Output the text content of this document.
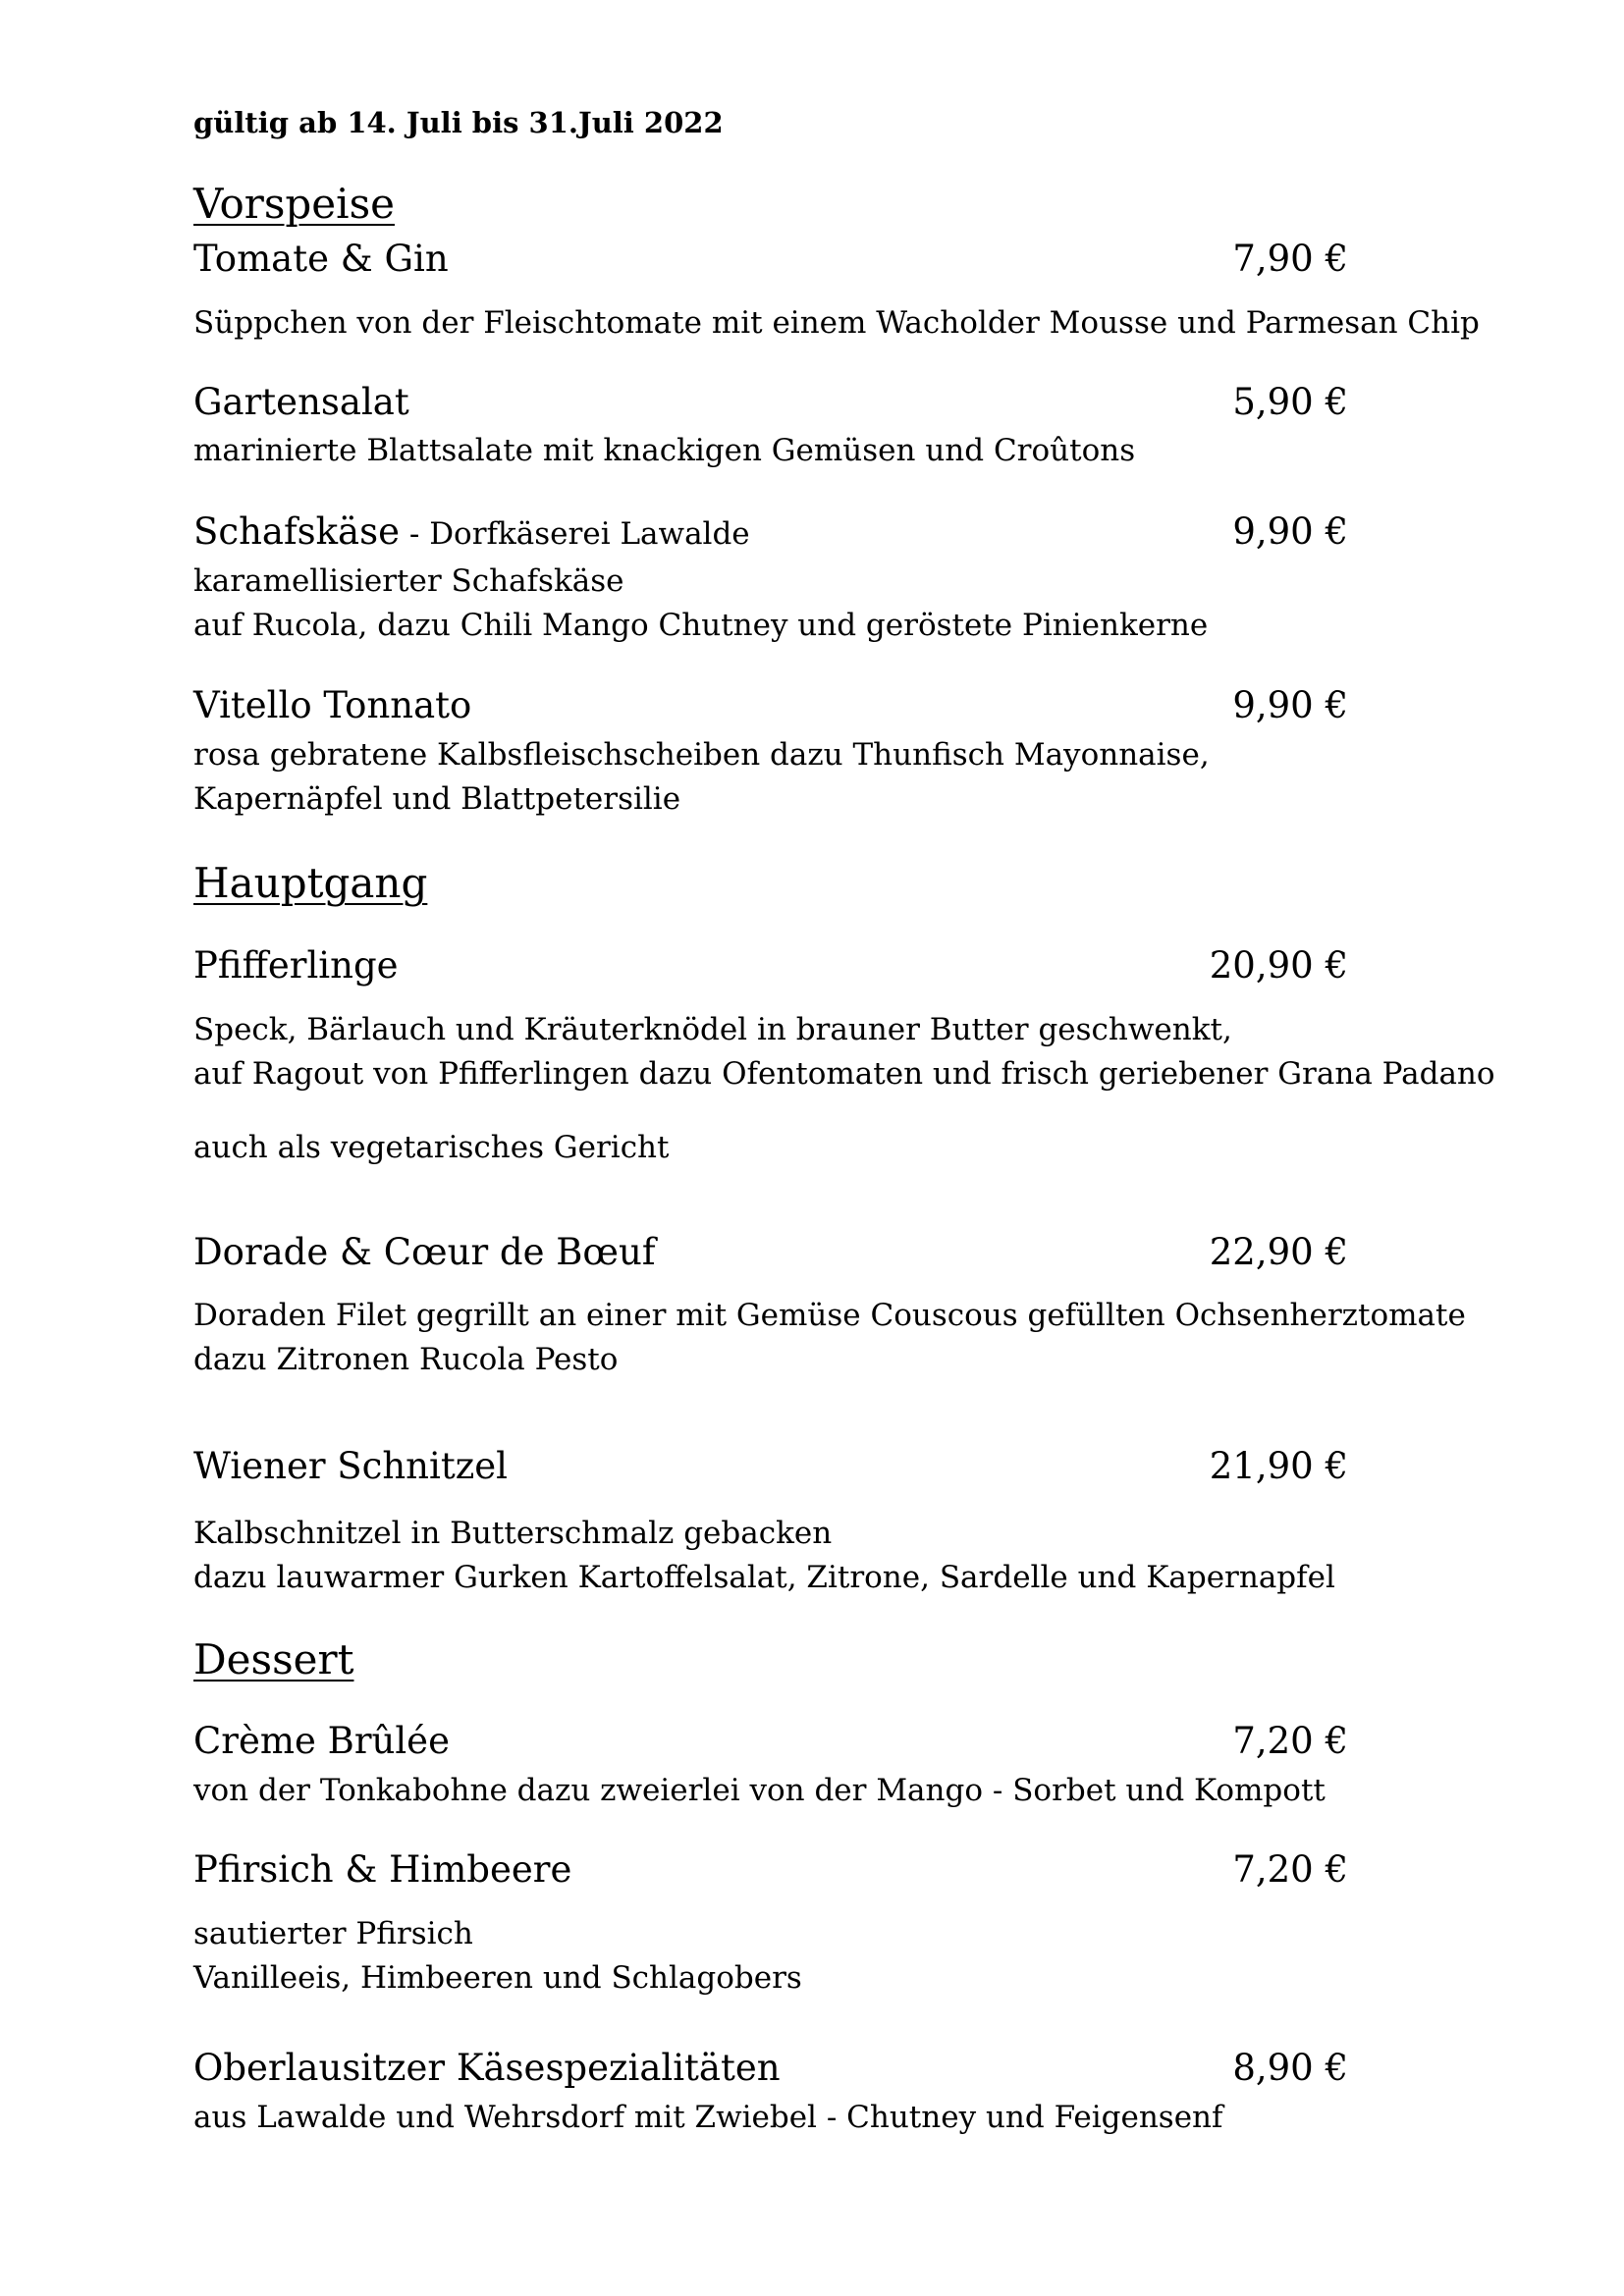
gültig ab 14. Juli bis 31.Juli 2022
Vorspeise
Tomate & Gin	7,90 €
Süppchen von der Fleischtomate mit einem Wacholder Mousse und Parmesan Chip
Gartensalat	5,90 €
marinierte Blattsalate mit knackigen Gemüsen und Croûtons
Schafskäse - Dorfkäserei Lawalde	9,90 €
karamellisierter Schafskäse
auf Rucola, dazu Chili Mango Chutney und geröstete Pinienkerne
Vitello Tonnato	9,90 €
rosa gebratene Kalbsfleischscheiben dazu Thunfisch Mayonnaise,
Kapernäpfel und Blattpetersilie
Hauptgang
Pfifferlinge	20,90 €
Speck, Bärlauch und Kräuterknödel in brauner Butter geschwenkt,
auf Ragout von Pfifferlingen dazu Ofentomaten und frisch geriebener Grana Padano
auch als vegetarisches Gericht
Dorade & Cœur de Bœuf	22,90 €
Doraden Filet gegrillt an einer mit Gemüse Couscous gefüllten Ochsenherztomate
dazu Zitronen Rucola Pesto
Wiener Schnitzel	21,90 €
Kalbschnitzel in Butterschmalz gebacken
dazu lauwarmer Gurken Kartoffelsalat, Zitrone, Sardelle und Kapernapfel
Dessert
Crème Brûlée	7,20 €
von der Tonkabohne dazu zweierlei von der Mango - Sorbet und Kompott
Pfirsich & Himbeere	7,20 €
sautierter Pfirsich
Vanilleeis, Himbeeren und Schlagobers
Oberlausitzer Käsespezialitäten	8,90 €
aus Lawalde und Wehrsdorf mit Zwiebel - Chutney und Feigensenf
